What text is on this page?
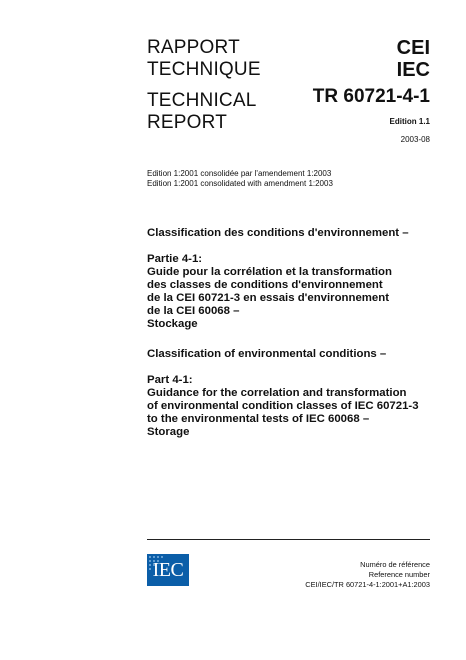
RAPPORT
TECHNIQUE
TECHNICAL
REPORT
CEI
IEC
TR 60721-4-1
Edition 1.1
2003-08
Edition 1:2001 consolidée par l'amendement 1:2003
Edition 1:2001 consolidated with amendment 1:2003
Classification des conditions d'environnement –
Partie 4-1:
Guide pour la corrélation et la transformation
des classes de conditions d'environnement
de la CEI 60721-3 en essais d'environnement
de la CEI 60068 –
Stockage
Classification of environmental conditions –
Part 4-1:
Guidance for the correlation and transformation
of environmental condition classes of IEC 60721-3
to the environmental tests of IEC 60068 –
Storage
IEC	Numéro de référence
Reference number
CEI/IEC/TR 60721-4-1:2001+A1:2003
